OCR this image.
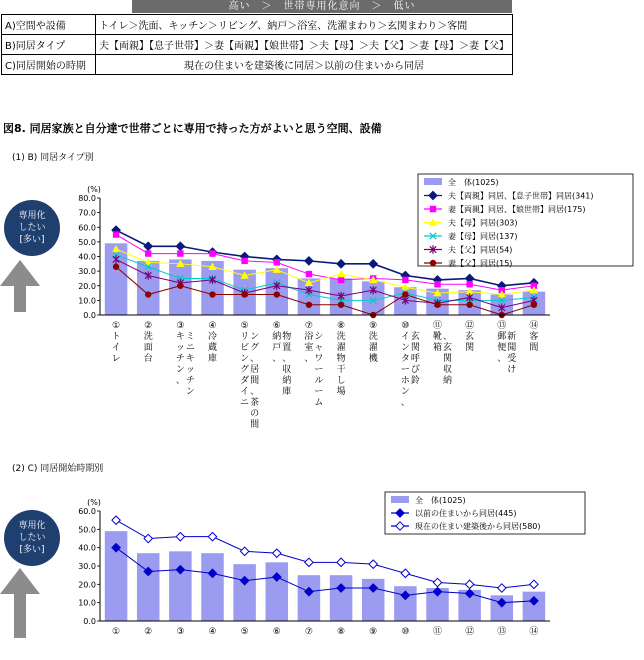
高い　＞　世帯専用化意向　＞　低い
A)空間や設備	トイレ＞洗面、キッチン＞リビング、納戸＞浴室、洗濯まわり＞玄関まわり＞客間
B)同居タイプ	夫【両親】【息子世帯】＞妻【両親】【娘世帯】＞夫【母】＞夫【父】＞妻【母】＞妻【父】
C)同居開始の時期	現在の住まいを建築後に同居＞以前の住まいから同居
図8. 同居家族と自分達で世帯ごとに専用で持った方がよいと思う空間、設備
(1) B) 同居タイプ別
(2) C) 同居開始時期別
専用化
したい
[多い]
専用化
したい
[多い]
0.0
10.0
20.0
30.0
40.0
50.0
60.0
70.0
80.0
(%)
①
ト
イ
レ
②
洗
面
台
③
キ
ッ
チ
ン
、
ミ
ニ
キ
ッ
チ
ン
④
冷
蔵
庫
⑤
リ
ビ
ン
グ
ダ
イ
ニ
ン
グ
、
居
間
、
茶
の
間
⑥
納
戸
、
物
置
、
収
納
庫
⑦
浴
室
、
シ
ャ
ワ
ー
ル
ー
ム
⑧
洗
濯
物
干
し
場
⑨
洗
濯
機
⑩
イ
ン
タ
ー
ホ
ン
、
玄
関
呼
び
鈴
⑪
靴
箱
、
玄
関
収
納
⑫
玄
関
⑬
郵
便
、
新
聞
受
け
⑭
客
間
全　体(1025)
夫【両親】同居、【息子世帯】同居(341)
妻【両親】同居、【娘世帯】同居(175)
夫【母】同居(303)
妻【母】同居(137)
夫【父】同居(54)
妻【父】同居(15)
0.0
10.0
20.0
30.0
40.0
50.0
60.0
(%)
①	②	③	④	⑤	⑥	⑦	⑧	⑨	⑩	⑪	⑫	⑬	⑭
全　体(1025)
以前の住まいから同居(445)
現在の住まい建築後から同居(580)
